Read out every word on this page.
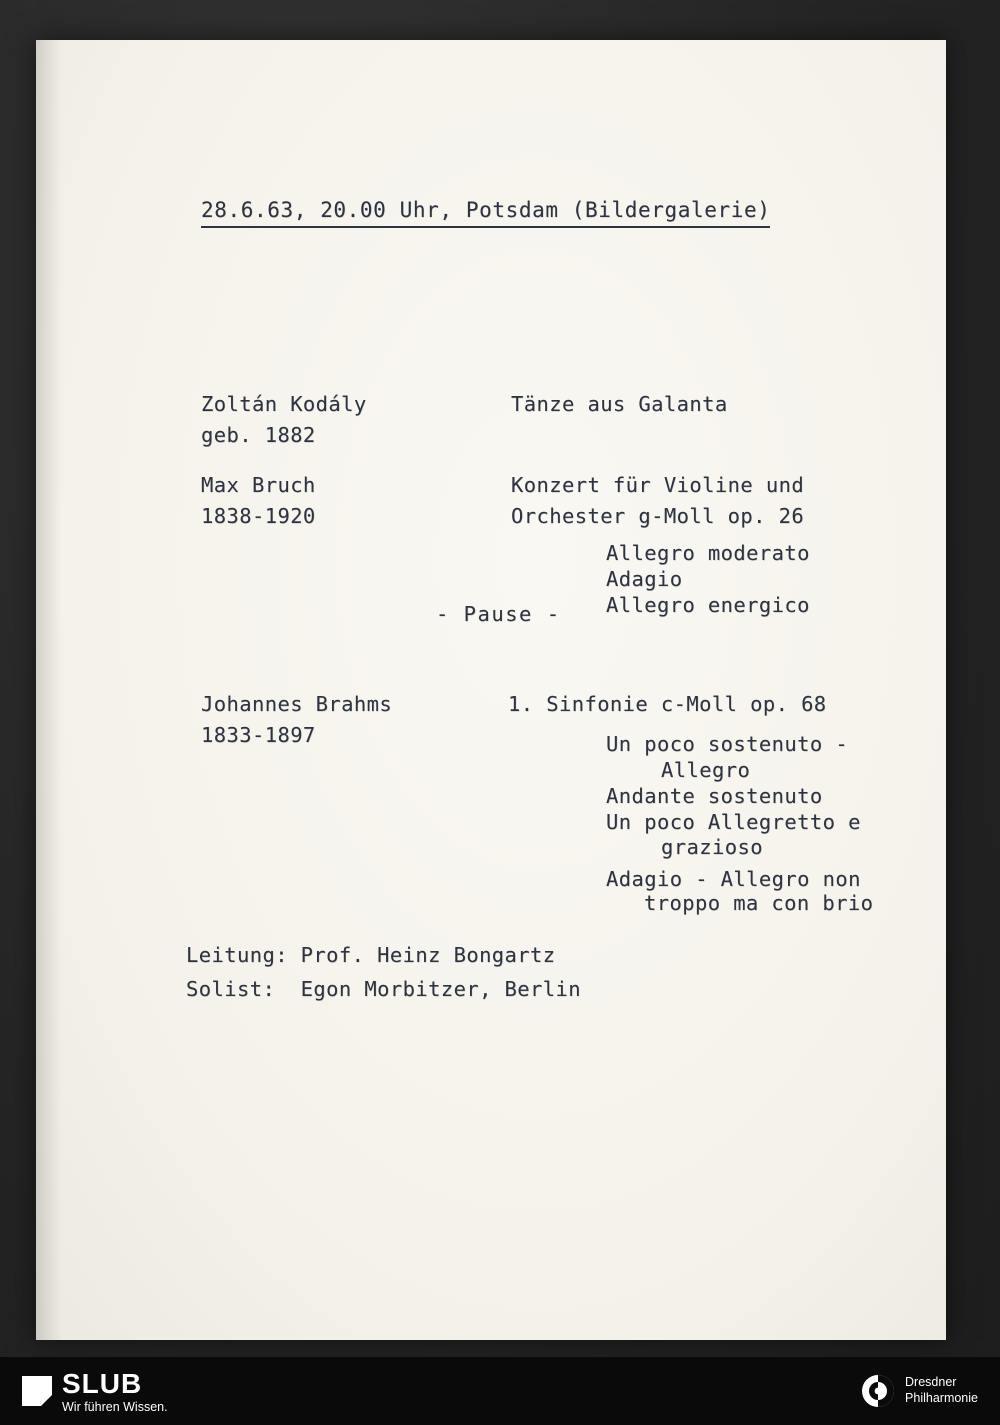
28.6.63, 20.00 Uhr, Potsdam (Bildergalerie)
Zoltán Kodály
geb. 1882
Tänze aus Galanta
Max Bruch
1838-1920
Konzert für Violine und
Orchester g-Moll op. 26
Allegro moderato
Adagio
Allegro energico
- Pause -
Johannes Brahms
1833-1897
1. Sinfonie c-Moll op. 68
Un poco sostenuto -
Allegro
Andante sostenuto
Un poco Allegretto e
grazioso
Adagio - Allegro non
troppo ma con brio
Leitung: Prof. Heinz Bongartz
Solist:  Egon Morbitzer, Berlin
SLUB
Wir führen Wissen.
Dresdner
Philharmonie
